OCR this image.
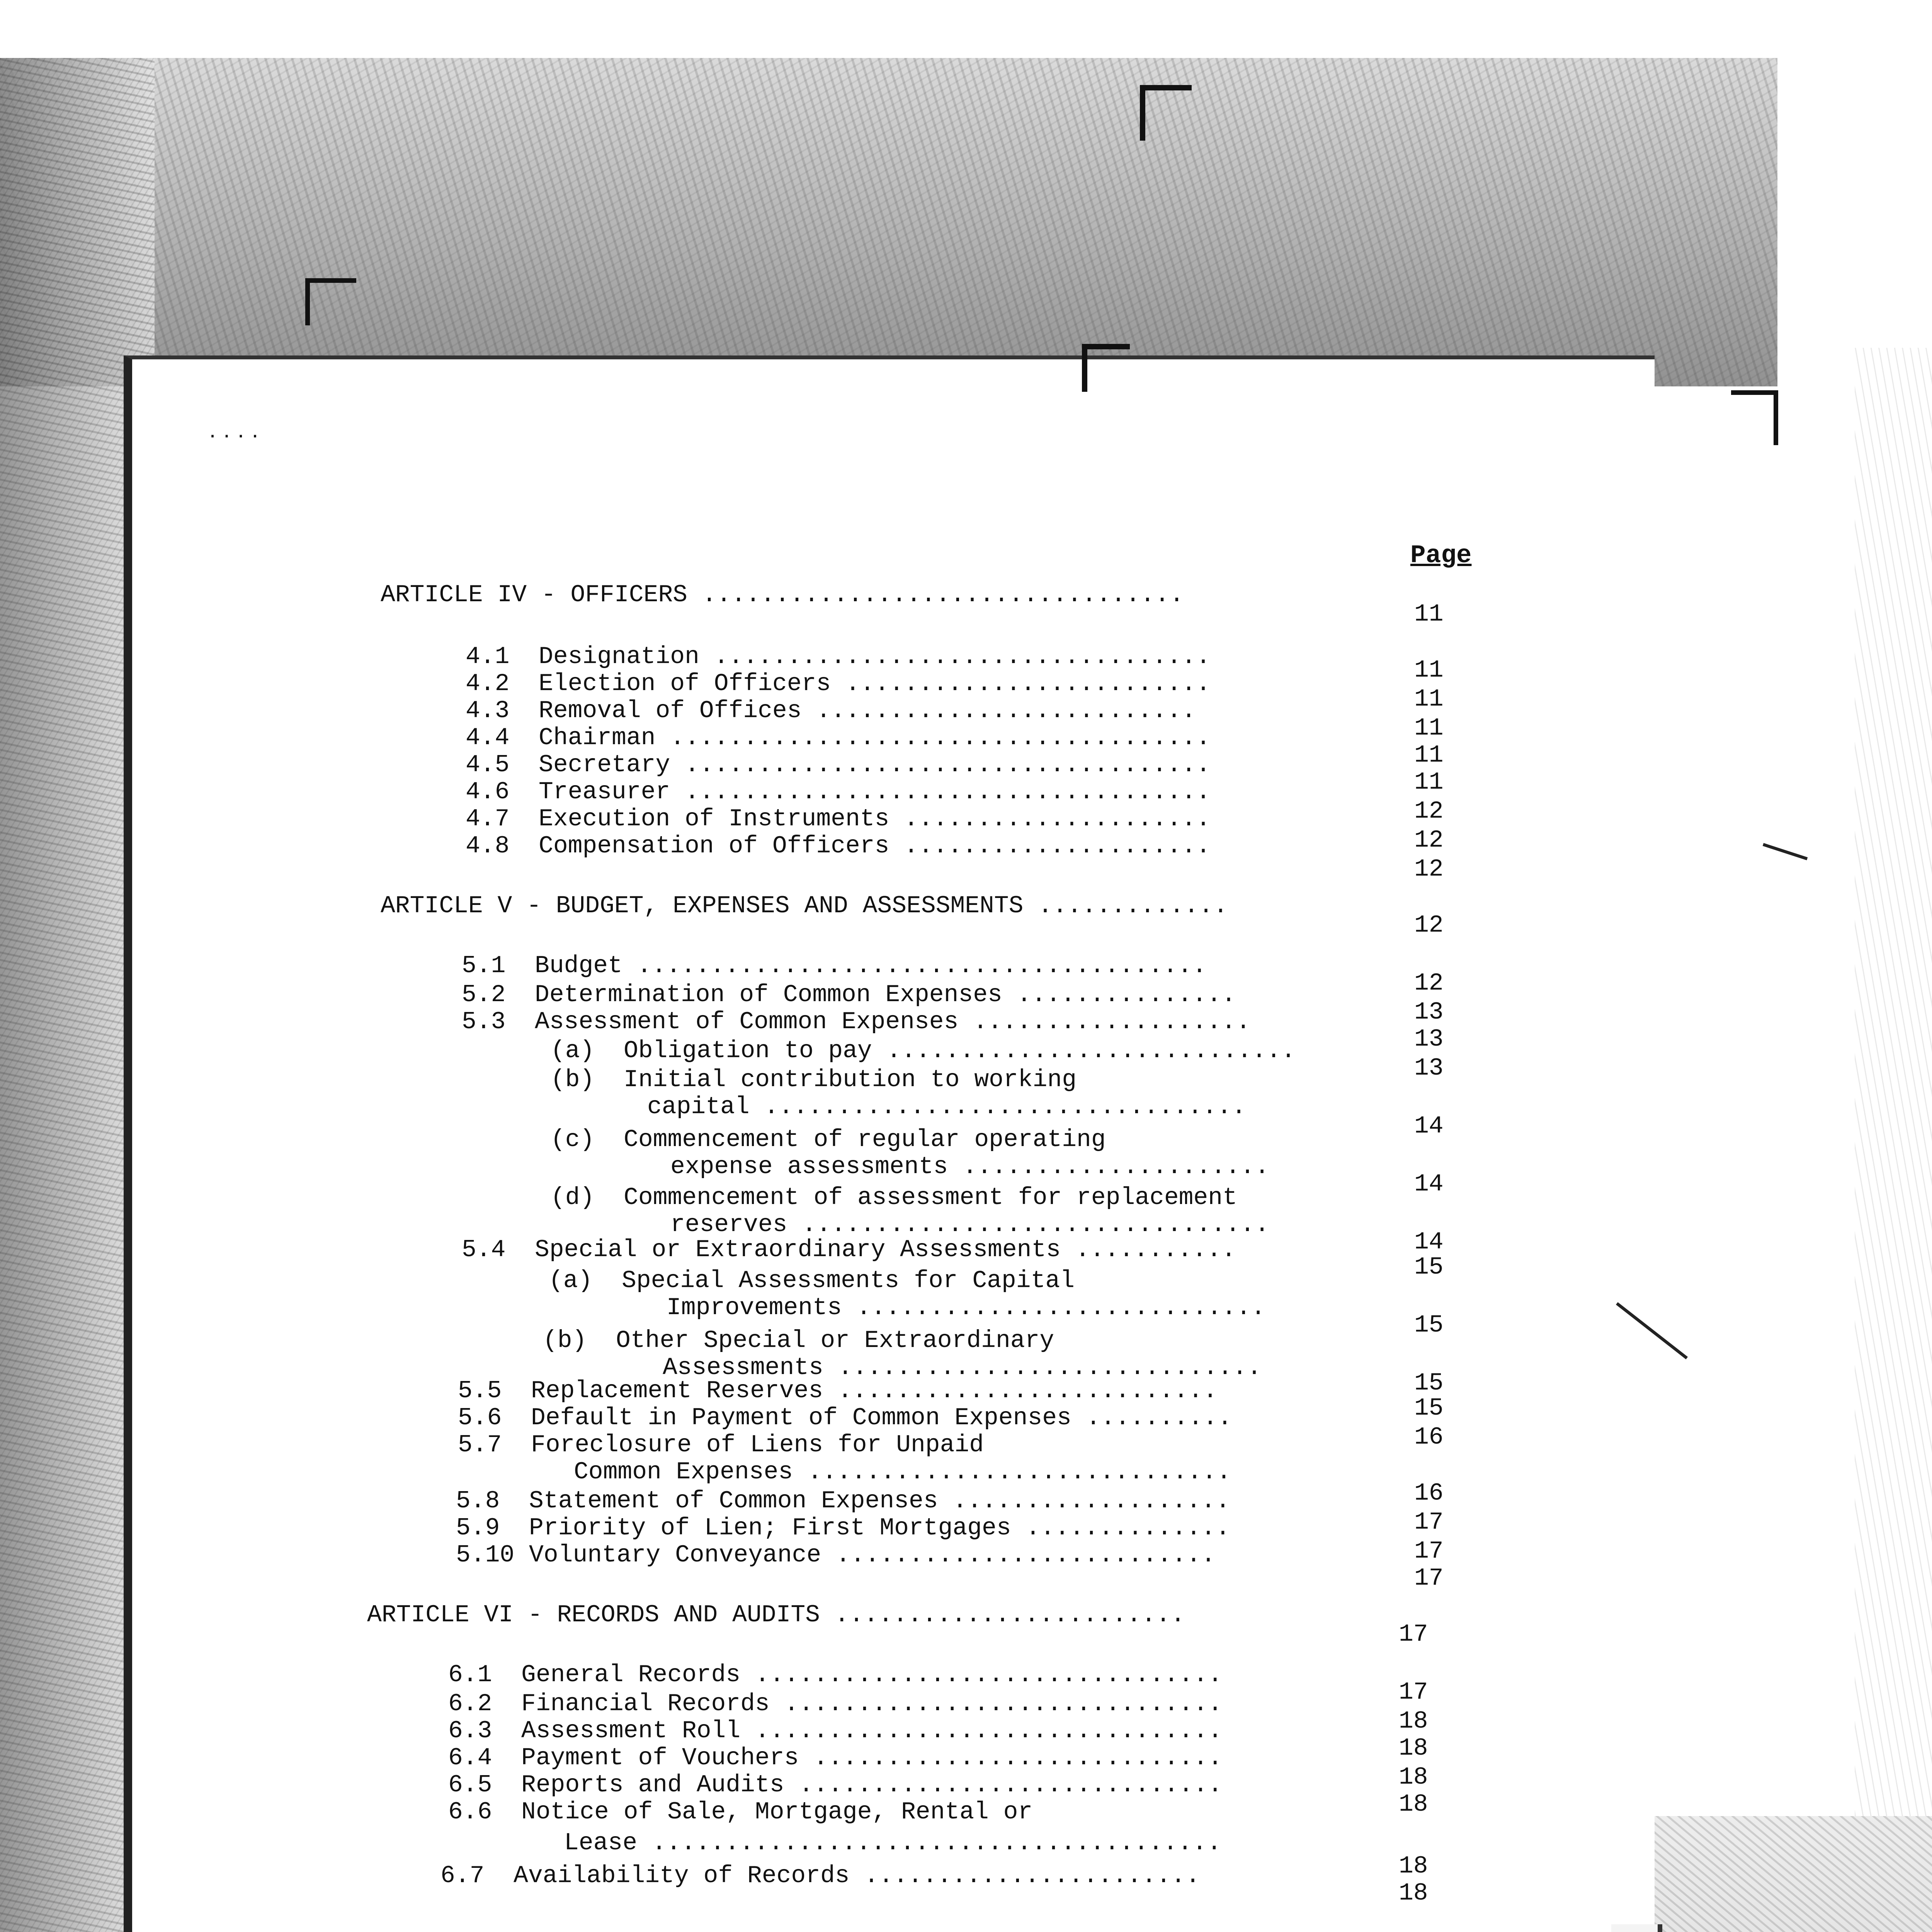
· · · ·
Page
ARTICLE IV - OFFICERS .................................
11
4.1  Designation ..................................	11
4.2  Election of Officers .........................
11
4.3  Removal of Offices ..........................
11
4.4  Chairman .....................................
11
4.5  Secretary ....................................
11
4.6  Treasurer ....................................
12
4.7  Execution of Instruments .....................
12
4.8  Compensation of Officers .....................
12
ARTICLE V - BUDGET, EXPENSES AND ASSESSMENTS .............
12
5.1  Budget .......................................
12
5.2  Determination of Common Expenses ...............
13
5.3  Assessment of Common Expenses ...................
13
(a)  Obligation to pay ............................
13
(b)  Initial contribution to working
capital .................................
14
(c)  Commencement of regular operating
expense assessments .....................
14
(d)  Commencement of assessment for replacement
reserves ................................
14
5.4  Special or Extraordinary Assessments ...........
15
(a)  Special Assessments for Capital
Improvements ............................
15
(b)  Other Special or Extraordinary
Assessments .............................
15
5.5  Replacement Reserves ..........................
15
5.6  Default in Payment of Common Expenses ..........
16
5.7  Foreclosure of Liens for Unpaid
Common Expenses .............................
16
5.8  Statement of Common Expenses ...................
17
5.9  Priority of Lien; First Mortgages ..............
17
5.10 Voluntary Conveyance ..........................
17
ARTICLE VI - RECORDS AND AUDITS ........................
17
6.1  General Records ................................
17
6.2  Financial Records ..............................
18
6.3  Assessment Roll ................................
18
6.4  Payment of Vouchers ............................
18
6.5  Reports and Audits .............................
18
6.6  Notice of Sale, Mortgage, Rental or
Lease .......................................
18
6.7  Availability of Records .......................
18
